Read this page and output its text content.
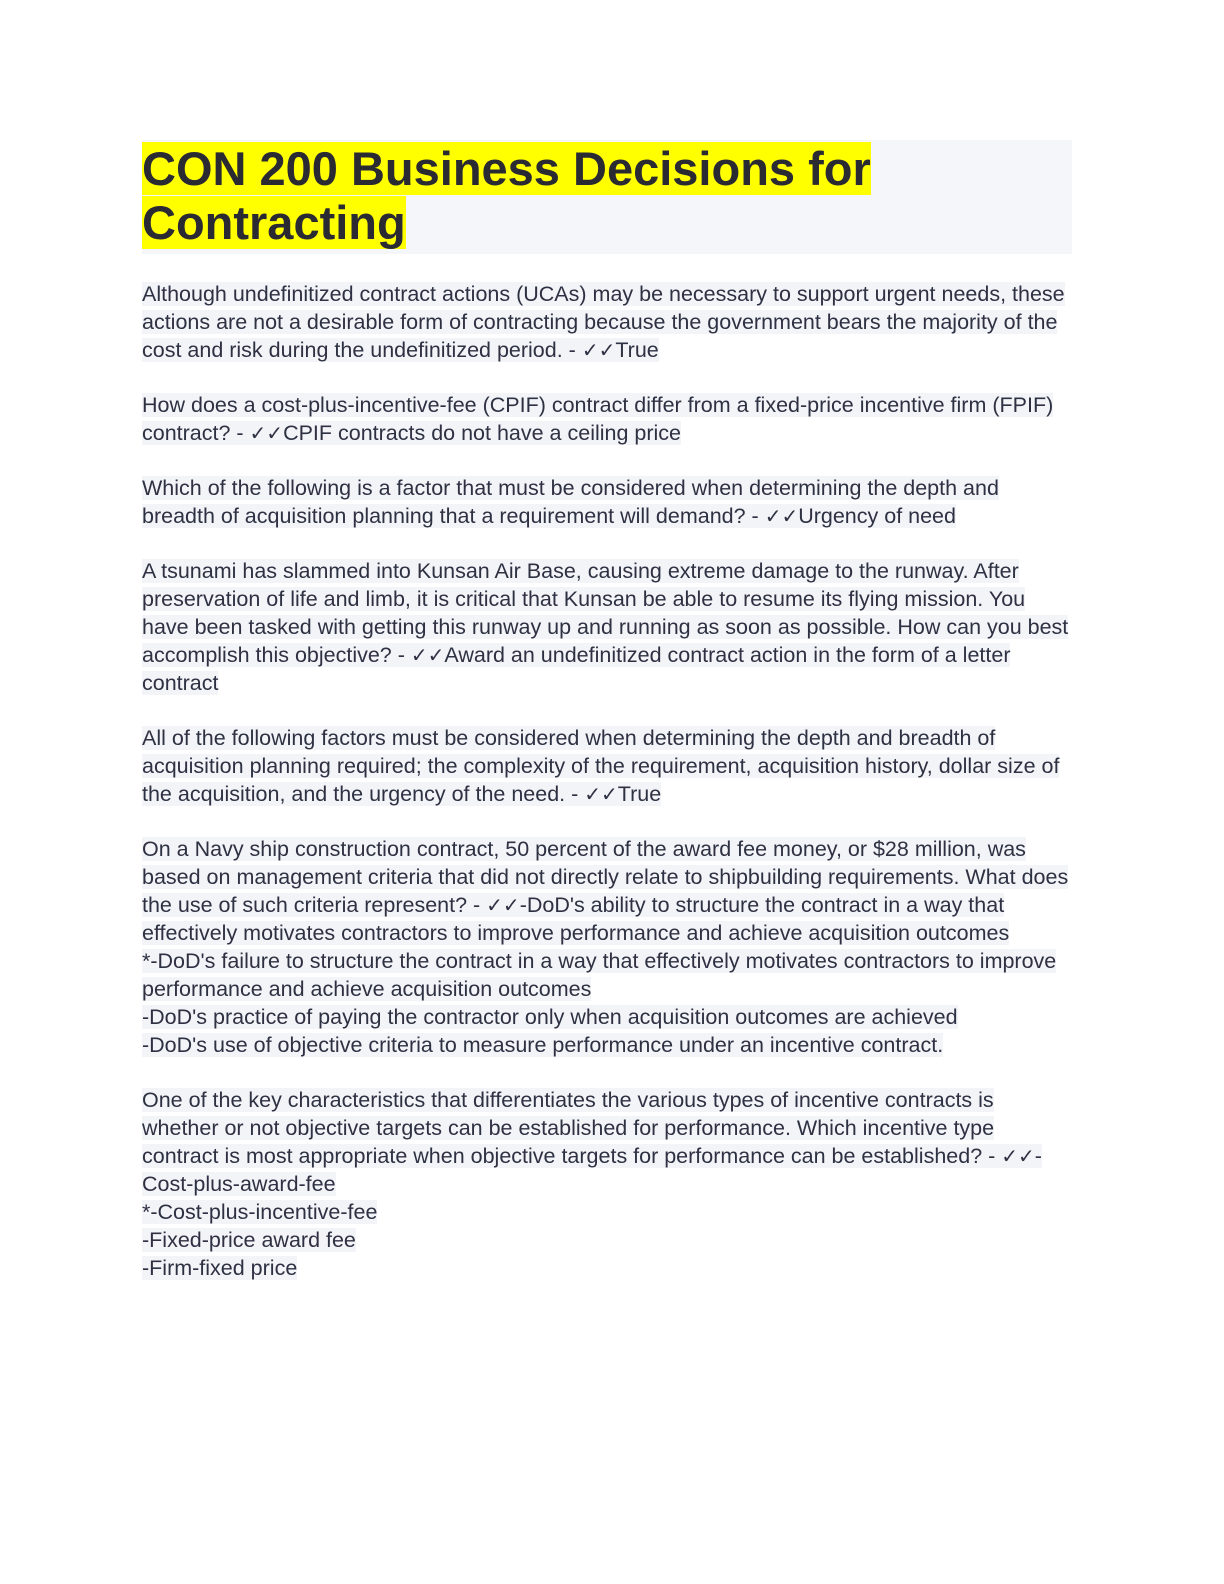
CON 200 Business Decisions for Contracting
Although undefinitized contract actions (UCAs) may be necessary to support urgent needs, these actions are not a desirable form of contracting because the government bears the majority of the cost and risk during the undefinitized period. - ✓✓True
How does a cost-plus-incentive-fee (CPIF) contract differ from a fixed-price incentive firm (FPIF) contract? - ✓✓CPIF contracts do not have a ceiling price
Which of the following is a factor that must be considered when determining the depth and breadth of acquisition planning that a requirement will demand? - ✓✓Urgency of need
A tsunami has slammed into Kunsan Air Base, causing extreme damage to the runway. After preservation of life and limb, it is critical that Kunsan be able to resume its flying mission. You have been tasked with getting this runway up and running as soon as possible. How can you best accomplish this objective? - ✓✓Award an undefinitized contract action in the form of a letter contract
All of the following factors must be considered when determining the depth and breadth of acquisition planning required; the complexity of the requirement, acquisition history, dollar size of the acquisition, and the urgency of the need. - ✓✓True
On a Navy ship construction contract, 50 percent of the award fee money, or $28 million, was based on management criteria that did not directly relate to shipbuilding requirements. What does the use of such criteria represent? - ✓✓-DoD's ability to structure the contract in a way that effectively motivates contractors to improve performance and achieve acquisition outcomes
*-DoD's failure to structure the contract in a way that effectively motivates contractors to improve performance and achieve acquisition outcomes
-DoD's practice of paying the contractor only when acquisition outcomes are achieved
-DoD's use of objective criteria to measure performance under an incentive contract.
One of the key characteristics that differentiates the various types of incentive contracts is whether or not objective targets can be established for performance. Which incentive type contract is most appropriate when objective targets for performance can be established? - ✓✓-Cost-plus-award-fee
*-Cost-plus-incentive-fee
-Fixed-price award fee
-Firm-fixed price
